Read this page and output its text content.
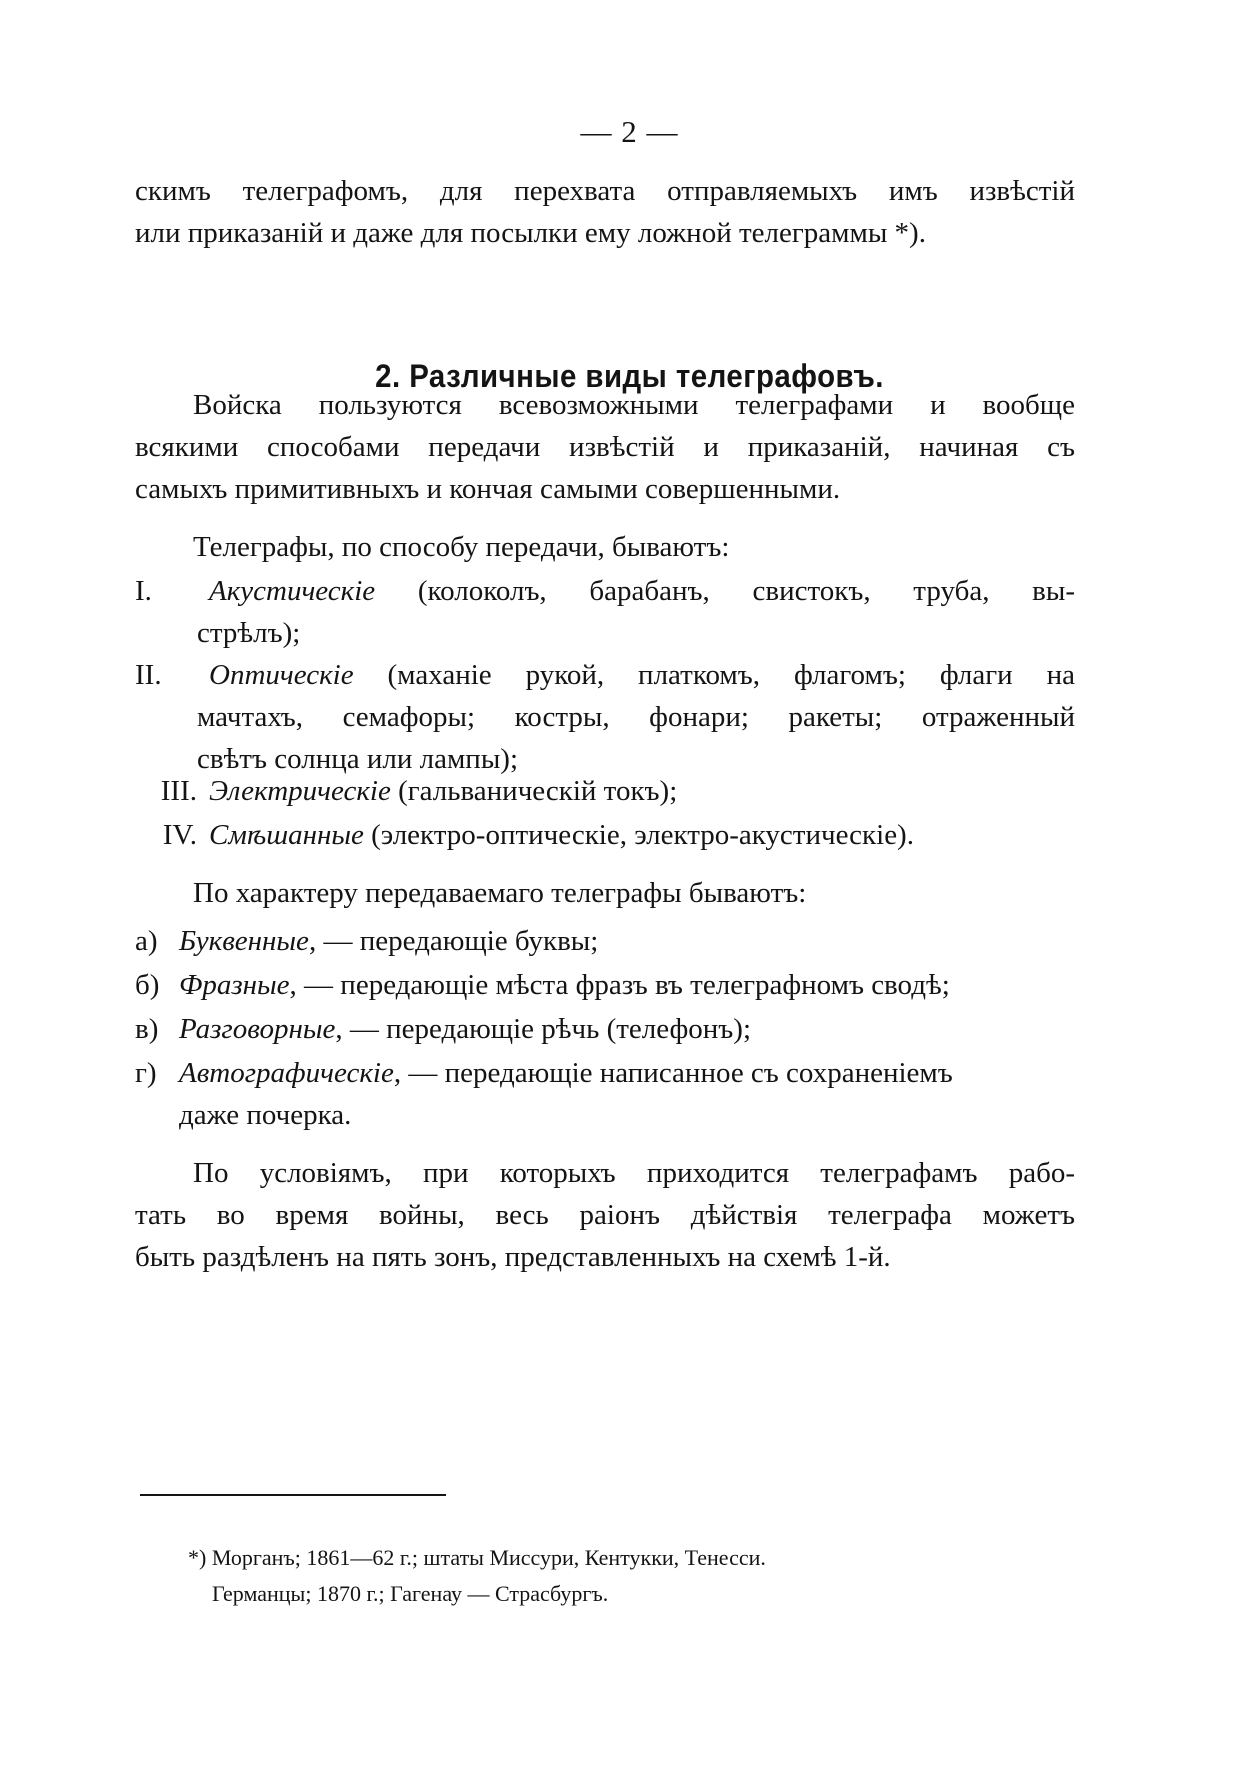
— 2 —
скимъ телеграфомъ, для перехвата отправляемыхъ имъ извѣстій
или приказаній и даже для посылки ему ложной телеграммы *).
2. Различные виды телеграфовъ.
Войска пользуются всевозможными телеграфами и вообще
всякими способами передачи извѣстій и приказаній, начиная съ
самыхъ примитивныхъ и кончая самыми совершенными.
Телеграфы, по способу передачи, бываютъ:
I. Акустическіе (колоколъ, барабанъ, свистокъ, труба, вы-
стрѣлъ);
II. Оптическіе (маханіе рукой, платкомъ, флагомъ; флаги на
мачтахъ, семафоры; костры, фонари; ракеты; отраженный
свѣтъ солнца или лампы);
III. Электрическіе (гальваническій токъ);
IV. Смѣшанные (электро-оптическіе, электро-акустическіе).
По характеру передаваемаго телеграфы бываютъ:
а) Буквенные, — передающіе буквы;
б) Фразные, — передающіе мѣста фразъ въ телеграфномъ сводѣ;
в) Разговорные, — передающіе рѣчь (телефонъ);
г) Автографическіе, — передающіе написанное съ сохраненіемъ
даже почерка.
По условіямъ, при которыхъ приходится телеграфамъ рабо-
тать во время войны, весь раіонъ дѣйствія телеграфа можетъ
быть раздѣленъ на пять зонъ, представленныхъ на схемѣ 1-й.
*) Морганъ; 1861—62 г.; штаты Миссури, Кентукки, Тенесси.
Германцы; 1870 г.; Гагенау — Страсбургъ.
